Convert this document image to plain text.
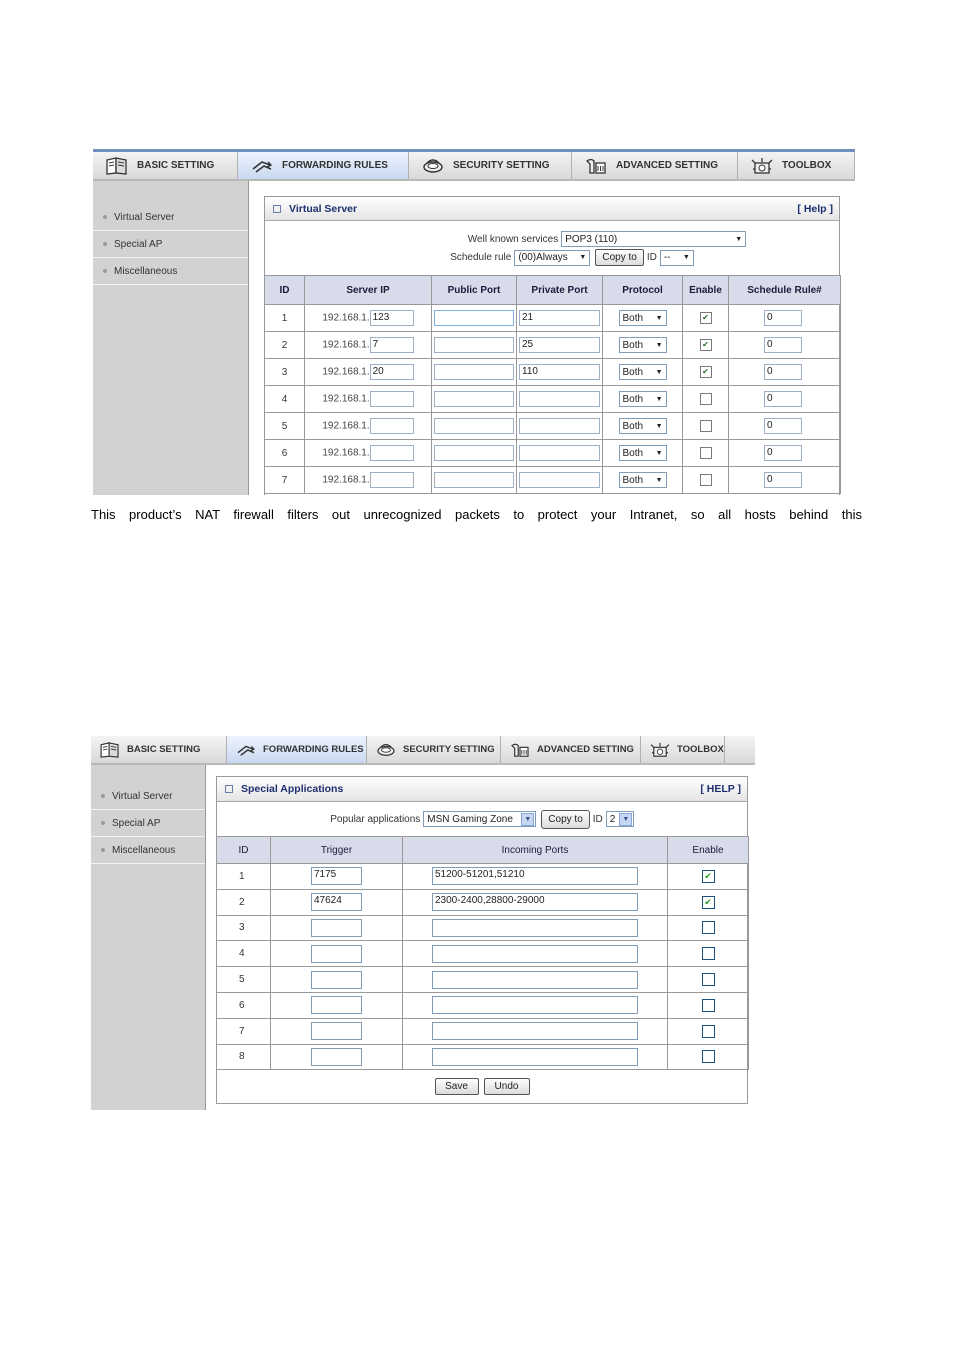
BASIC SETTING	FORWARDING RULES	SECURITY SETTING	ADVANCED SETTING	TOOLBOX
Virtual Server
Special AP
Miscellaneous
Virtual Server	[ Help ]
Well known services POP3 (110)	▼
Schedule rule (00)Always ▼	Copy to	ID -- ▼
ID	Server IP	Public Port	Private Port	Protocol	Enable	Schedule Rule#
1	192.168.1. 123		21	Both ▼	✔	0
2	192.168.1. 7		25	Both ▼	✔	0
3	192.168.1. 20		110	Both ▼	✔	0
4	192.168.1.			Both ▼		0
5	192.168.1.			Both ▼		0
6	192.168.1.			Both ▼		0
7	192.168.1.			Both ▼		0
This product’s NAT firewall filters out unrecognized packets to protect your Intranet, so all hosts behind this
BASIC SETTING	FORWARDING RULES	SECURITY SETTING	ADVANCED SETTING	TOOLBOX
Virtual Server
Special AP
Miscellaneous
Special Applications	[ HELP ]
Popular applications MSN Gaming Zone	▼	Copy to	ID 2	▼
ID	Trigger	Incoming Ports	Enable
1	7175	51200-51201,51210	✔
2	47624	2300-2400,28800-29000	✔
3			
4			
5			
6			
7			
8			
Save	Undo
